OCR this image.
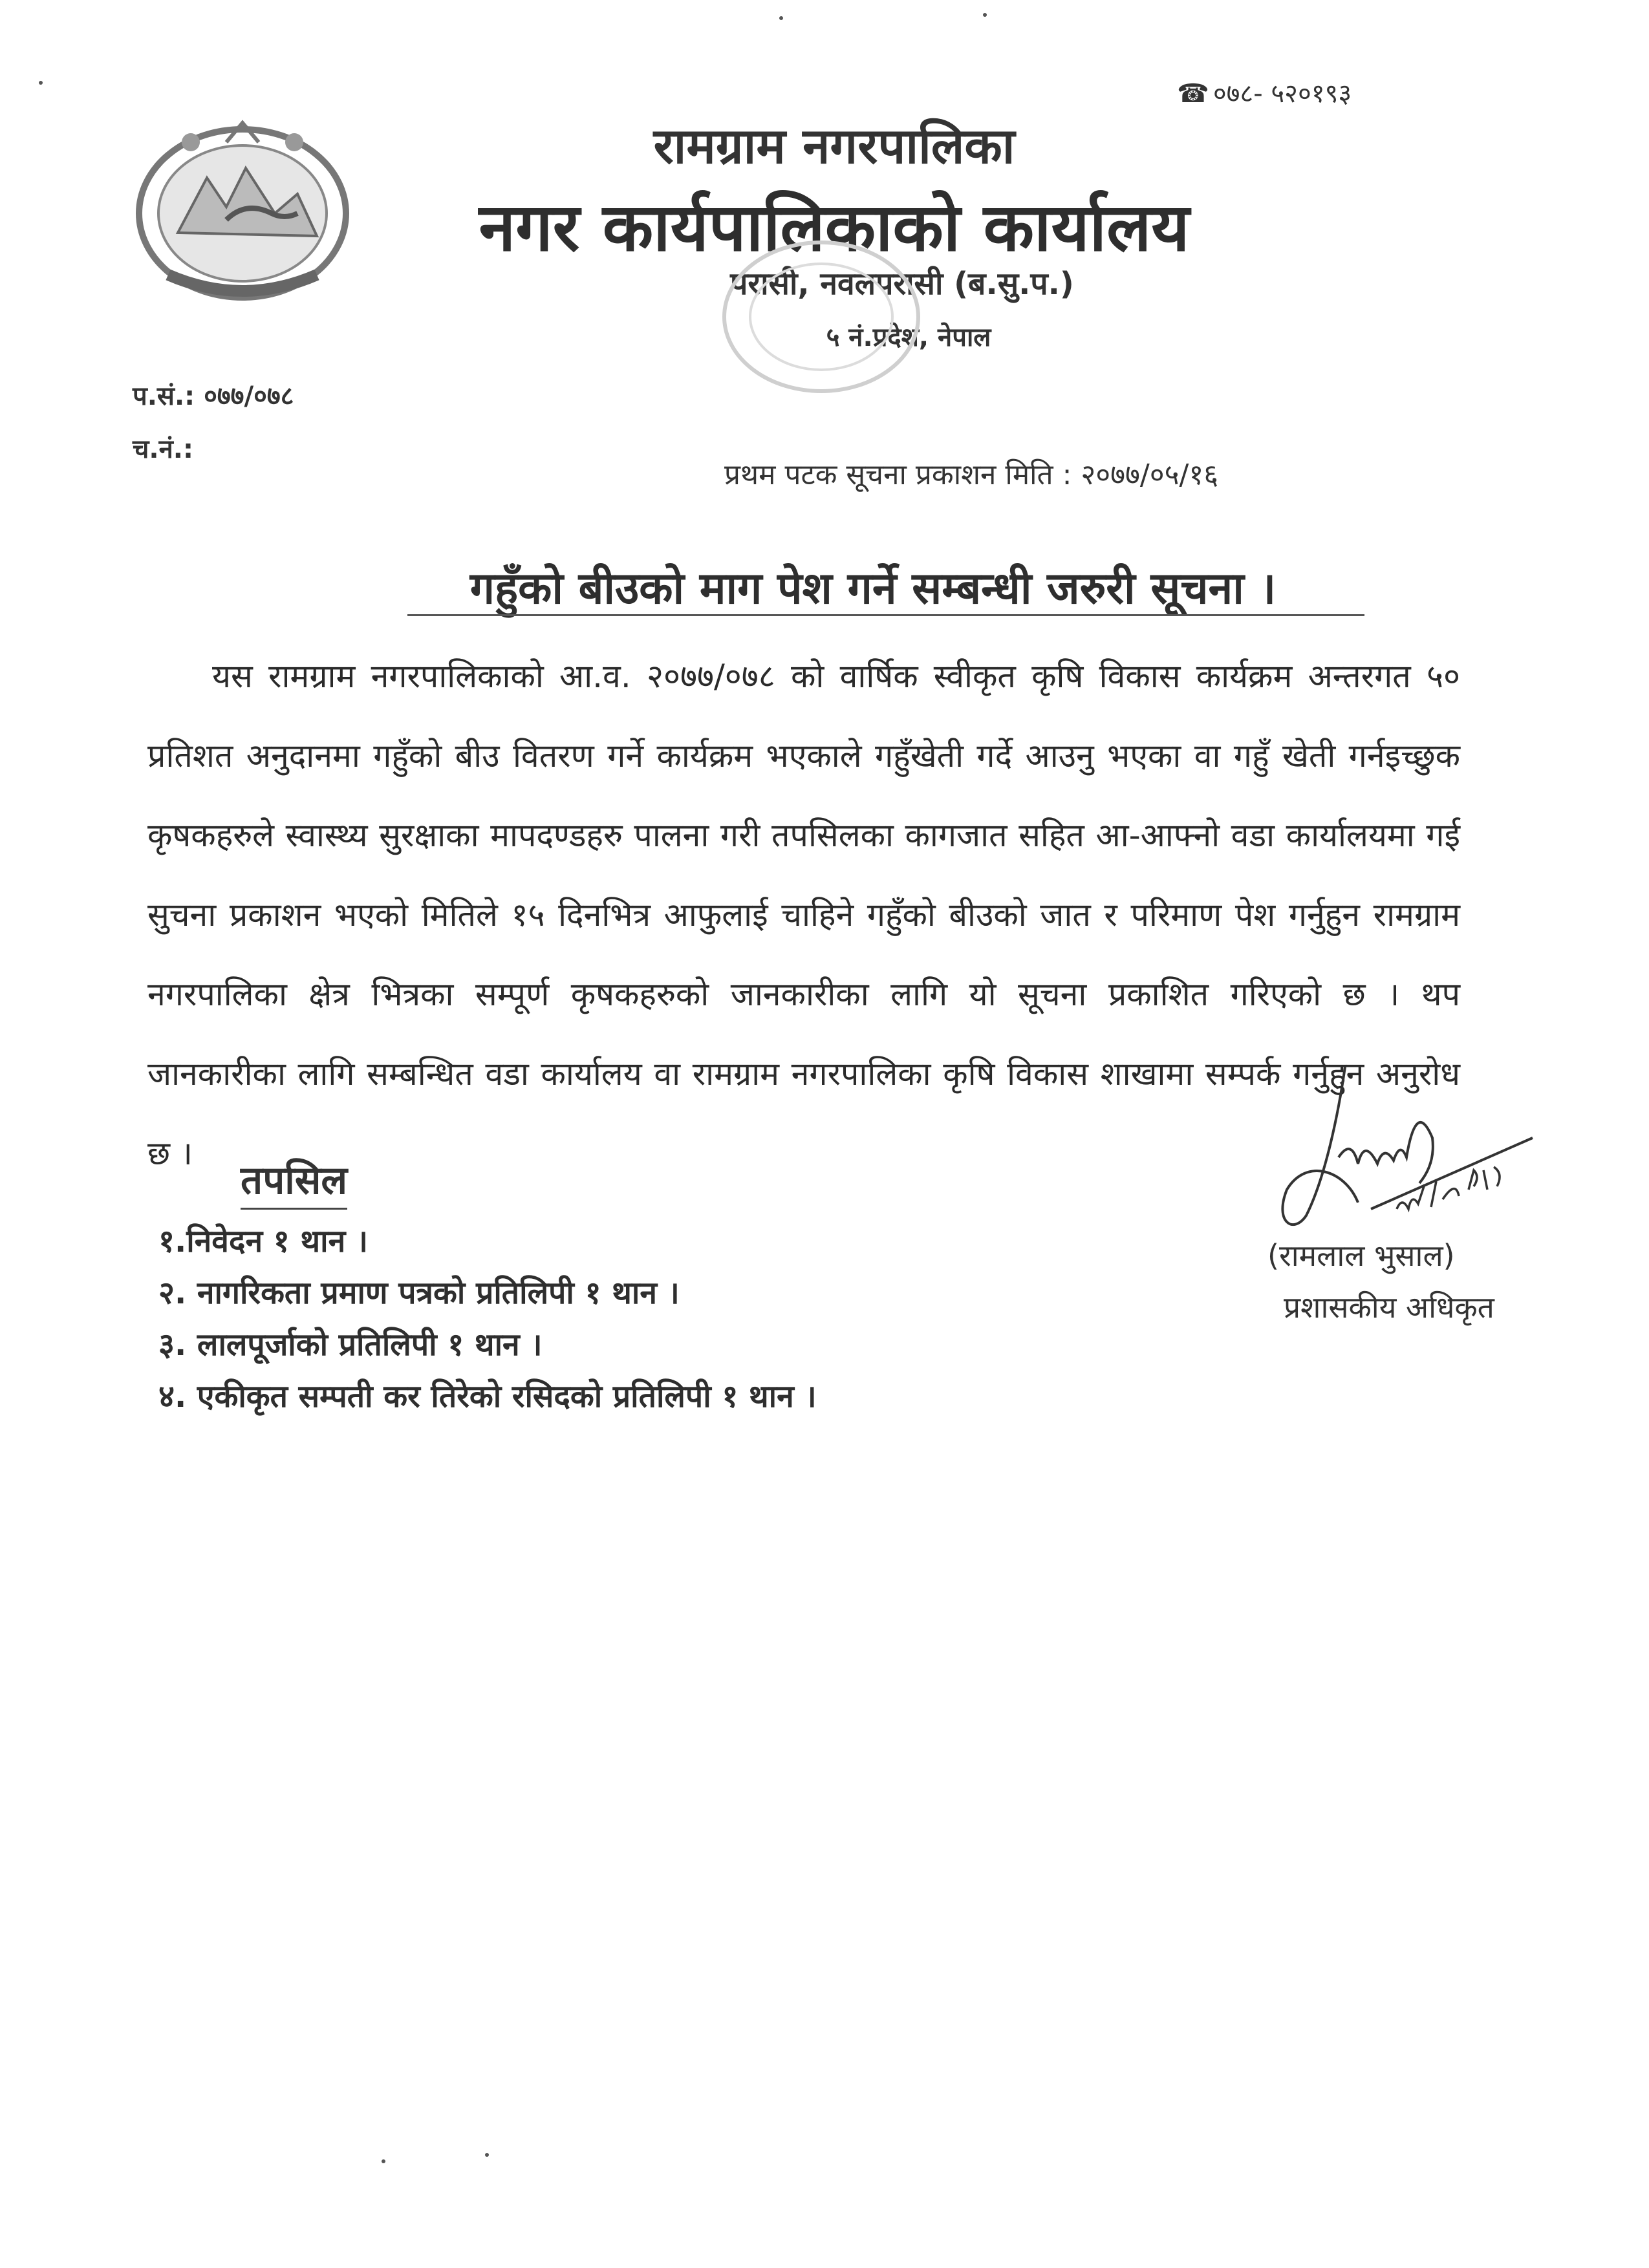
☎ ०७८- ५२०१९३
रामग्राम नगरपालिका
नगर कार्यपालिकाको कार्यालय
परासी, नवलपरासी (ब.सु.प.)
५ नं.प्रदेश, नेपाल
प.सं.: ०७७/०७८
च.नं.:
प्रथम पटक सूचना प्रकाशन मिति : २०७७/०५/१६
गहुँको बीउको माग पेश गर्ने सम्बन्धी जरुरी सूचना ।
यस रामग्राम नगरपालिकाको आ.व. २०७७/०७८ को वार्षिक स्वीकृत कृषि विकास कार्यक्रम अन्तरगत ५० प्रतिशत अनुदानमा गहुँको बीउ वितरण गर्ने कार्यक्रम भएकाले गहुँखेती गर्दे आउनु भएका वा गहुँ खेती गर्नइच्छुक कृषकहरुले स्वास्थ्य सुरक्षाका मापदण्डहरु पालना गरी तपसिलका कागजात सहित आ-आफ्नो वडा कार्यालयमा गई सुचना प्रकाशन भएको मितिले १५ दिनभित्र आफुलाई चाहिने गहुँको बीउको जात र परिमाण पेश गर्नुहुन रामग्राम नगरपालिका क्षेत्र भित्रका सम्पूर्ण कृषकहरुको जानकारीका लागि यो सूचना प्रकाशित गरिएको छ । थप जानकारीका लागि सम्बन्धित वडा कार्यालय वा रामग्राम नगरपालिका कृषि विकास शाखामा सम्पर्क गर्नुहुन अनुरोध छ ।
तपसिल
१.निवेदन १ थान ।
२. नागरिकता प्रमाण पत्रको प्रतिलिपी १ थान ।
३. लालपूर्जाको प्रतिलिपी १ थान ।
४. एकीकृत सम्पती कर तिरेको रसिदको प्रतिलिपी १ थान ।
(रामलाल भुसाल)
प्रशासकीय अधिकृत
